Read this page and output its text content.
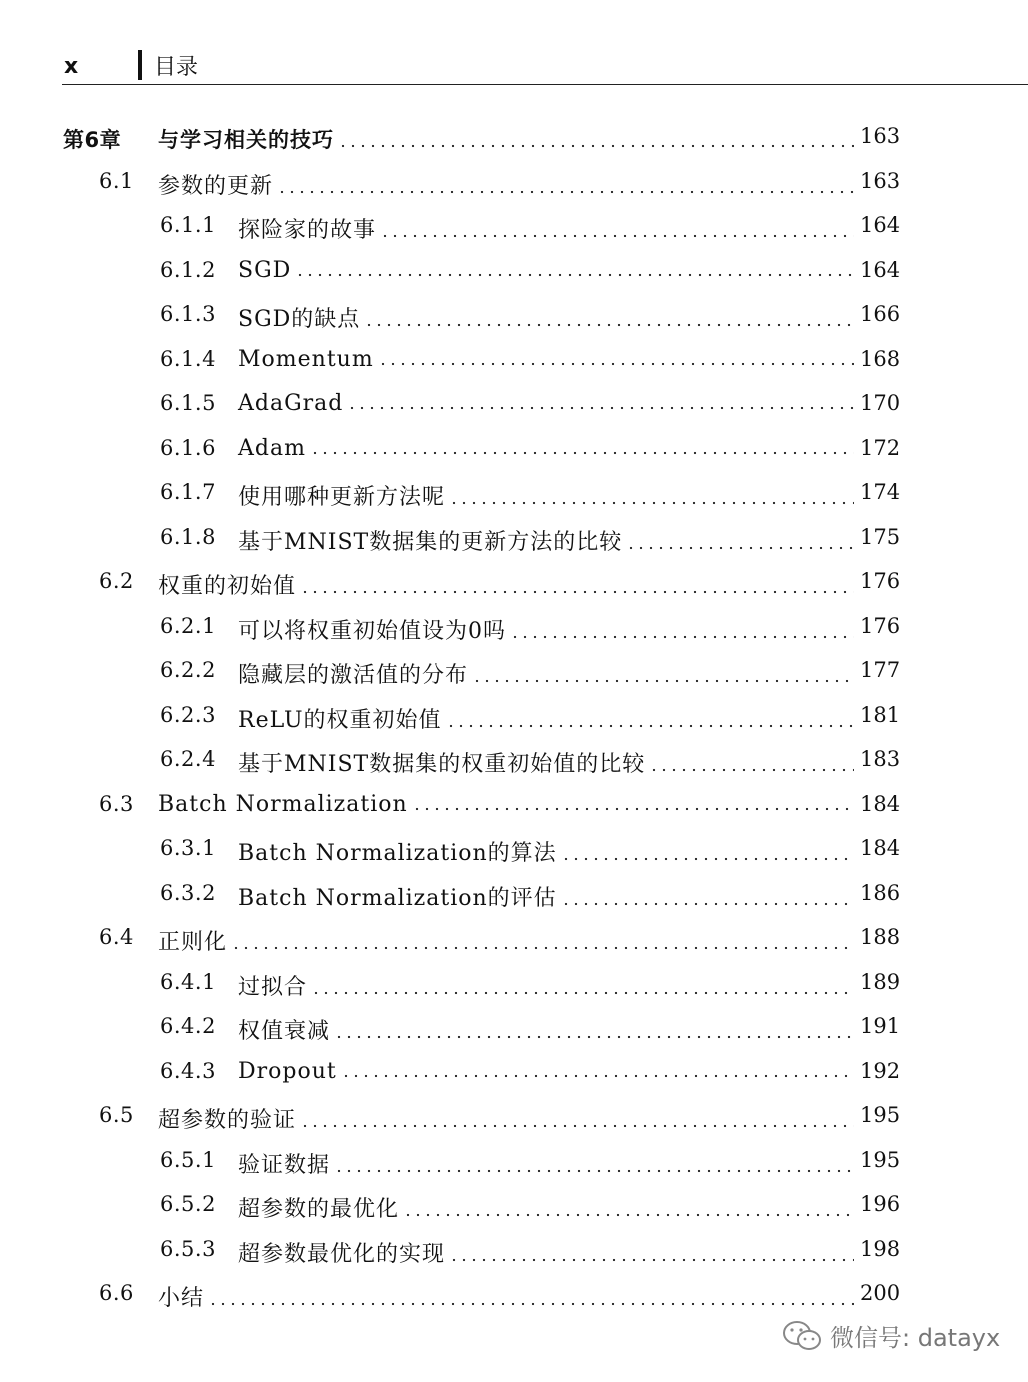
x	目录
第6章 与学习相关的技巧	163
6.1 参数的更新	163
6.1.1 探险家的故事	164
6.1.2 SGD	164
6.1.3 SGD的缺点	166
6.1.4 Momentum	168
6.1.5 AdaGrad	170
6.1.6 Adam	172
6.1.7 使用哪种更新方法呢	174
6.1.8 基于MNIST数据集的更新方法的比较	175
6.2 权重的初始值	176
6.2.1 可以将权重初始值设为0吗	176
6.2.2 隐藏层的激活值的分布	177
6.2.3 ReLU的权重初始值	181
6.2.4 基于MNIST数据集的权重初始值的比较	183
6.3 Batch Normalization	184
6.3.1 Batch Normalization的算法	184
6.3.2 Batch Normalization的评估	186
6.4 正则化	188
6.4.1 过拟合	189
6.4.2 权值衰减	191
6.4.3 Dropout	192
6.5 超参数的验证	195
6.5.1 验证数据	195
6.5.2 超参数的最优化	196
6.5.3 超参数最优化的实现	198
6.6 小结	200
微信号: datayx
